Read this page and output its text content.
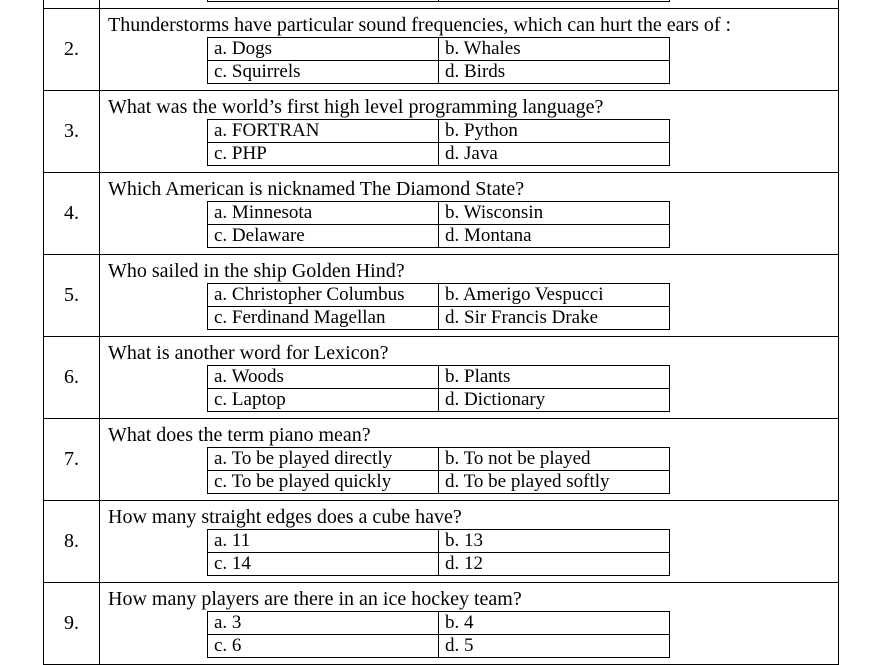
2.	

Thunderstorms have particular sound frequencies, which can hurt the ears of :

a. Dogs	b. Whales
c. Squirrels	d. Birds

3.	

What was the world’s first high level programming language?

a. FORTRAN	b. Python
c. PHP	d. Java

4.	

Which American is nicknamed The Diamond State?

a. Minnesota	b. Wisconsin
c. Delaware	d. Montana

5.	

Who sailed in the ship Golden Hind?

a. Christopher Columbus	b. Amerigo Vespucci
c. Ferdinand Magellan	d. Sir Francis Drake

6.	

What is another word for Lexicon?

a. Woods	b. Plants
c. Laptop	d. Dictionary

7.	

What does the term piano mean?

a. To be played directly	b. To not be played
c. To be played quickly	d. To be played softly

8.	

How many straight edges does a cube have?

a. 11	b. 13
c. 14	d. 12

9.	

How many players are there in an ice hockey team?

a. 3	b. 4
c. 6	d. 5
